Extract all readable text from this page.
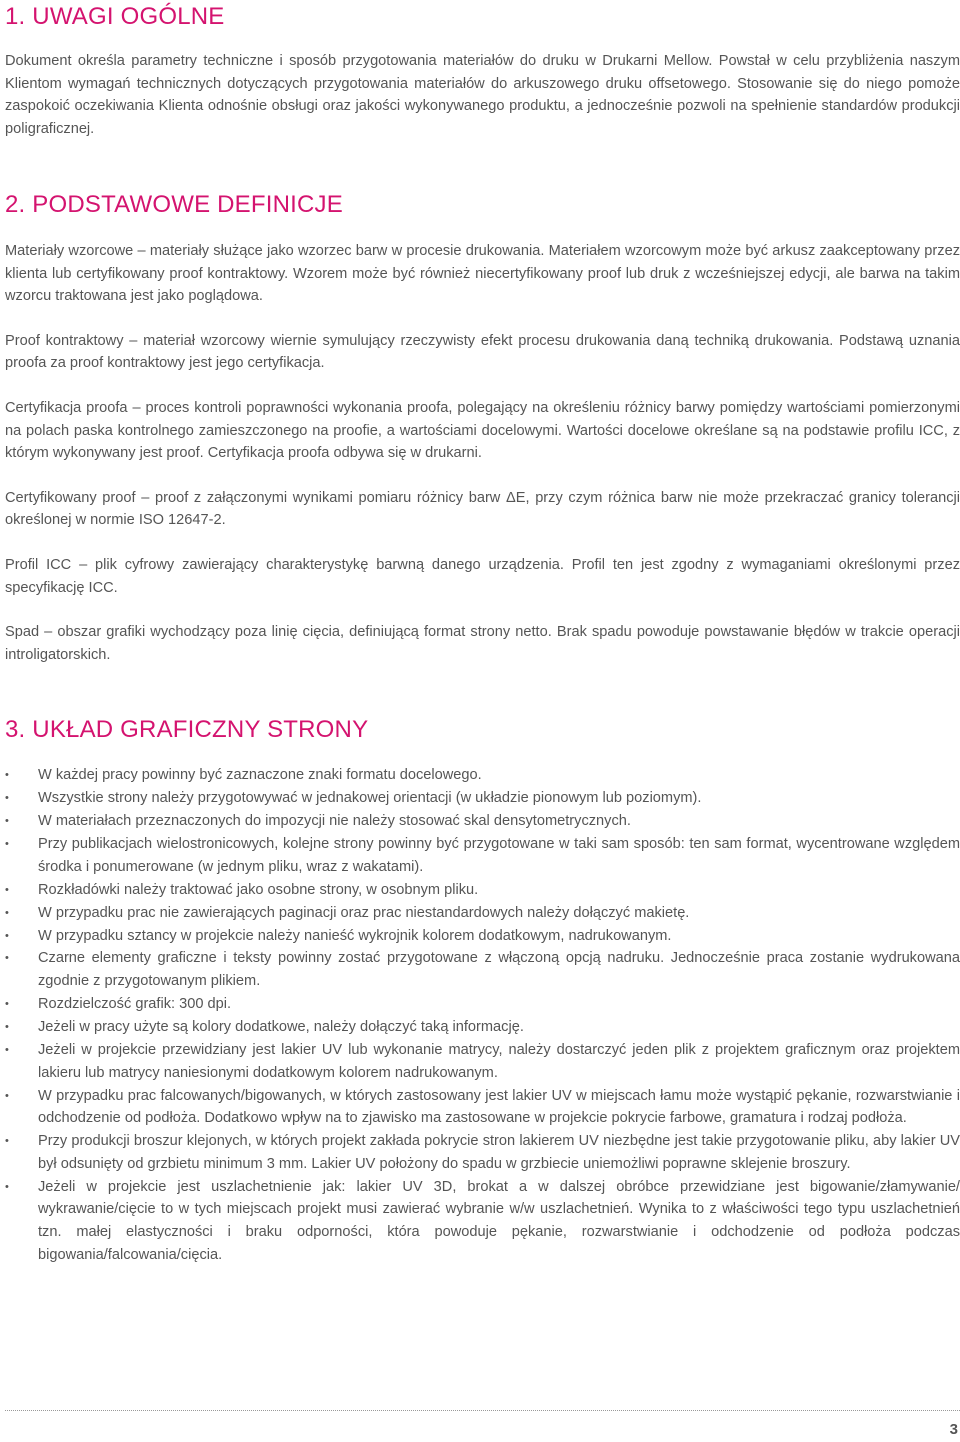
1. UWAGI OGÓLNE

Dokument określa parametry techniczne i sposób przygotowania materiałów do druku w Drukarni Mellow. Powstał w celu przybliżenia naszym Klientom wymagań technicznych dotyczących przygotowania materiałów do arkuszowego druku offsetowego. Stosowanie się do niego pomoże zaspokoić oczekiwania Klienta odnośnie obsługi oraz jakości wykonywanego produktu, a jednocześnie pozwoli na spełnienie standardów produkcji poligraficznej.

2. PODSTAWOWE DEFINICJE

Materiały wzorcowe – materiały służące jako wzorzec barw w procesie drukowania. Materiałem wzorcowym może być arkusz zaakceptowany przez klienta lub certyfikowany proof kontraktowy. Wzorem może być również niecertyfikowany proof lub druk z wcześniejszej edycji, ale barwa na takim wzorcu traktowana jest jako poglądowa.

Proof kontraktowy – materiał wzorcowy wiernie symulujący rzeczywisty efekt procesu drukowania daną techniką drukowania. Podstawą uznania proofa za proof kontraktowy jest jego certyfikacja.

Certyfikacja proofa – proces kontroli poprawności wykonania proofa, polegający na określeniu różnicy barwy pomiędzy wartościami pomierzonymi na polach paska kontrolnego zamieszczonego na proofie, a wartościami docelowymi. Wartości docelowe określane są na podstawie profilu ICC, z którym wykonywany jest proof. Certyfikacja proofa odbywa się w drukarni.

Certyfikowany proof – proof z załączonymi wynikami pomiaru różnicy barw ΔE, przy czym różnica barw nie może przekraczać granicy tolerancji określonej w normie ISO 12647-2.

Profil ICC – plik cyfrowy zawierający charakterystykę barwną danego urządzenia. Profil ten jest zgodny z wymaganiami określonymi przez specyfikację ICC.

Spad – obszar grafiki wychodzący poza linię cięcia, definiującą format strony netto. Brak spadu powoduje powstawanie błędów w trakcie operacji introligatorskich.

3. UKŁAD GRAFICZNY STRONY
• W każdej pracy powinny być zaznaczone znaki formatu docelowego.
• Wszystkie strony należy przygotowywać w jednakowej orientacji (w układzie pionowym lub poziomym).
• W materiałach przeznaczonych do impozycji nie należy stosować skal densytometrycznych.
• Przy publikacjach wielostronicowych, kolejne strony powinny być przygotowane w taki sam sposób: ten sam format, wycentrowane względem środka i ponumerowane (w jednym pliku, wraz z wakatami).
• Rozkładówki należy traktować jako osobne strony, w osobnym pliku.
• W przypadku prac nie zawierających paginacji oraz prac niestandardowych należy dołączyć makietę.
• W przypadku sztancy w projekcie należy nanieść wykrojnik kolorem dodatkowym, nadrukowanym.
• Czarne elementy graficzne i teksty powinny zostać przygotowane z włączoną opcją nadruku. Jednocześnie praca zostanie wydrukowana zgodnie z przygotowanym plikiem.
• Rozdzielczość grafik: 300 dpi.
• Jeżeli w pracy użyte są kolory dodatkowe, należy dołączyć taką informację.
• Jeżeli w projekcie przewidziany jest lakier UV lub wykonanie matrycy, należy dostarczyć jeden plik z projektem graficznym oraz projektem lakieru lub matrycy naniesionymi dodatkowym kolorem nadrukowanym.
• W przypadku prac falcowanych/bigowanych, w których zastosowany jest lakier UV w miejscach łamu może wystąpić pękanie, rozwarstwianie i odchodzenie od podłoża. Dodatkowo wpływ na to zjawisko ma zastosowane w projekcie pokrycie farbowe, gramatura i rodzaj podłoża.
• Przy produkcji broszur klejonych, w których projekt zakłada pokrycie stron lakierem UV niezbędne jest takie przygotowanie pliku, aby lakier UV był odsunięty od grzbietu minimum 3 mm. Lakier UV położony do spadu w grzbiecie uniemożliwi poprawne sklejenie broszury.
• Jeżeli w projekcie jest uszlachetnienie jak: lakier UV 3D, brokat a w dalszej obróbce przewidziane jest bigowanie/złamywanie/ wykrawanie/cięcie to w tych miejscach projekt musi zawierać wybranie w/w uszlachetnień. Wynika to z właściwości tego typu uszlachetnień tzn. małej elastyczności i braku odporności, która powoduje pękanie, rozwarstwianie i odchodzenie od podłoża podczas bigowania/falcowania/cięcia.
3
